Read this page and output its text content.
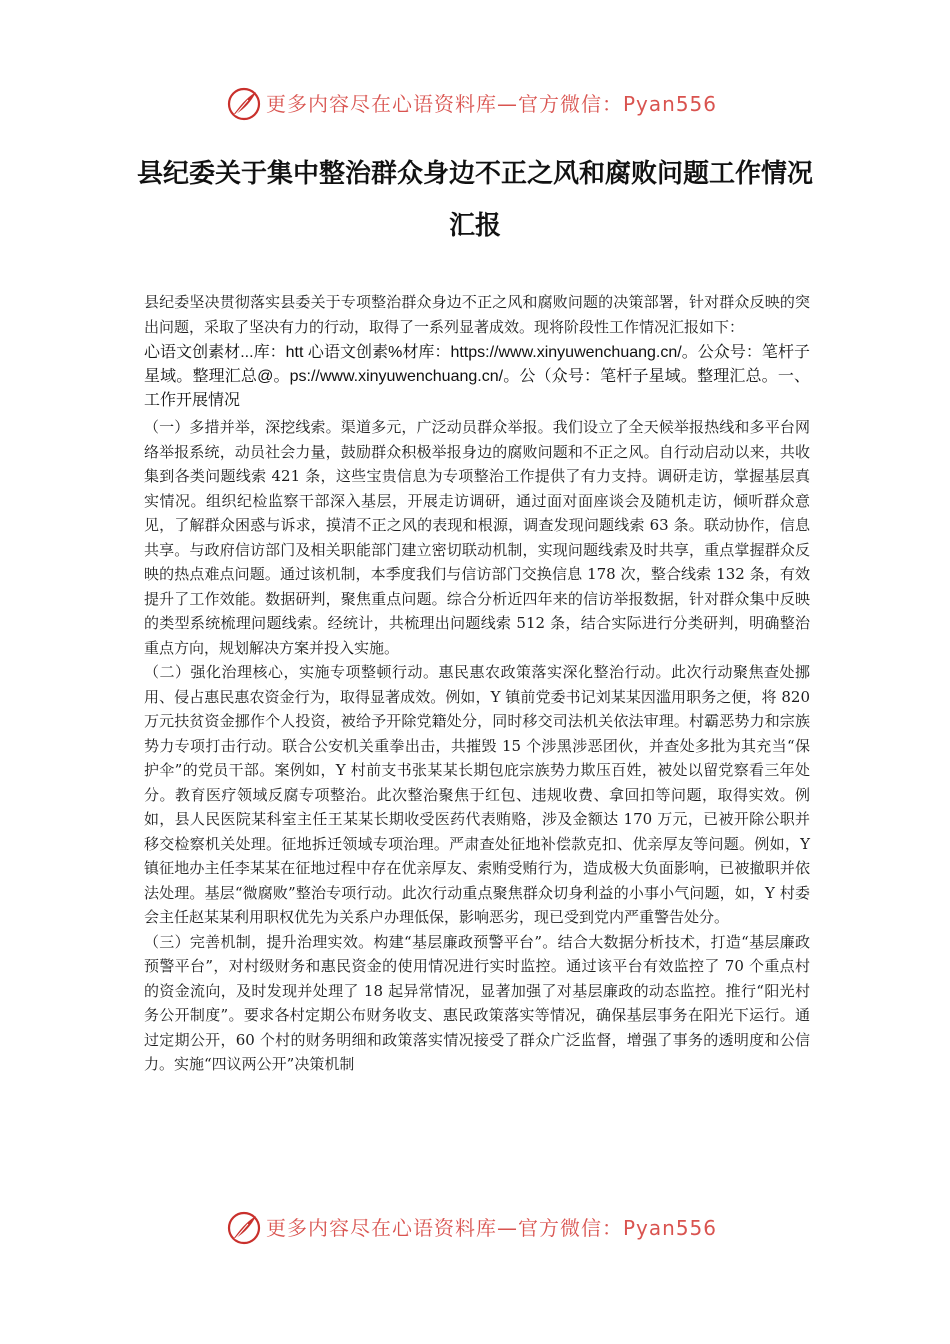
更多内容尽在心语资料库—官方微信：Pyan556
县纪委关于集中整治群众身边不正之风和腐败问题工作情况汇报

县纪委坚决贯彻落实县委关于专项整治群众身边不正之风和腐败问题的决策部署，针对群众反映的突出问题，采取了坚决有力的行动，取得了一系列显著成效。现将阶段性工作情况汇报如下：

心语文创素材...库：htt 心语文创素%材库：https://www.xinyuwenchuang.cn/。公众号：笔杆子星域。整理汇总@。ps://www.xinyuwenchuang.cn/。公（众号：笔杆子星域。整理汇总。一、工作开展情况

（一）多措并举，深挖线索。渠道多元，广泛动员群众举报。我们设立了全天候举报热线和多平台网络举报系统，动员社会力量，鼓励群众积极举报身边的腐败问题和不正之风。自行动启动以来，共收集到各类问题线索 421 条，这些宝贵信息为专项整治工作提供了有力支持。调研走访，掌握基层真实情况。组织纪检监察干部深入基层，开展走访调研，通过面对面座谈会及随机走访，倾听群众意见，了解群众困惑与诉求，摸清不正之风的表现和根源，调查发现问题线索 63 条。联动协作，信息共享。与政府信访部门及相关职能部门建立密切联动机制，实现问题线索及时共享，重点掌握群众反映的热点难点问题。通过该机制，本季度我们与信访部门交换信息 178 次，整合线索 132 条，有效提升了工作效能。数据研判，聚焦重点问题。综合分析近四年来的信访举报数据，针对群众集中反映的类型系统梳理问题线索。经统计，共梳理出问题线索 512 条，结合实际进行分类研判，明确整治重点方向，规划解决方案并投入实施。

（二）强化治理核心，实施专项整顿行动。惠民惠农政策落实深化整治行动。此次行动聚焦查处挪用、侵占惠民惠农资金行为，取得显著成效。例如，Y 镇前党委书记刘某某因滥用职务之便，将 820 万元扶贫资金挪作个人投资，被给予开除党籍处分，同时移交司法机关依法审理。村霸恶势力和宗族势力专项打击行动。联合公安机关重拳出击，共摧毁 15 个涉黑涉恶团伙，并查处多批为其充当“保护伞”的党员干部。案例如，Y 村前支书张某某长期包庇宗族势力欺压百姓，被处以留党察看三年处分。教育医疗领域反腐专项整治。此次整治聚焦于红包、违规收费、拿回扣等问题，取得实效。例如，县人民医院某科室主任王某某长期收受医药代表贿赂，涉及金额达 170 万元，已被开除公职并移交检察机关处理。征地拆迁领域专项治理。严肃查处征地补偿款克扣、优亲厚友等问题。例如，Y 镇征地办主任李某某在征地过程中存在优亲厚友、索贿受贿行为，造成极大负面影响，已被撤职并依法处理。基层“微腐败”整治专项行动。此次行动重点聚焦群众切身利益的小事小气问题，如，Y 村委会主任赵某某利用职权优先为关系户办理低保，影响恶劣，现已受到党内严重警告处分。

（三）完善机制，提升治理实效。构建“基层廉政预警平台”。结合大数据分析技术，打造“基层廉政预警平台”，对村级财务和惠民资金的使用情况进行实时监控。通过该平台有效监控了 70 个重点村的资金流向，及时发现并处理了 18 起异常情况，显著加强了对基层廉政的动态监控。推行“阳光村务公开制度”。要求各村定期公布财务收支、惠民政策落实等情况，确保基层事务在阳光下运行。通过定期公开，60 个村的财务明细和政策落实情况接受了群众广泛监督，增强了事务的透明度和公信力。实施“四议两公开”决策机制

更多内容尽在心语资料库—官方微信：Pyan556
